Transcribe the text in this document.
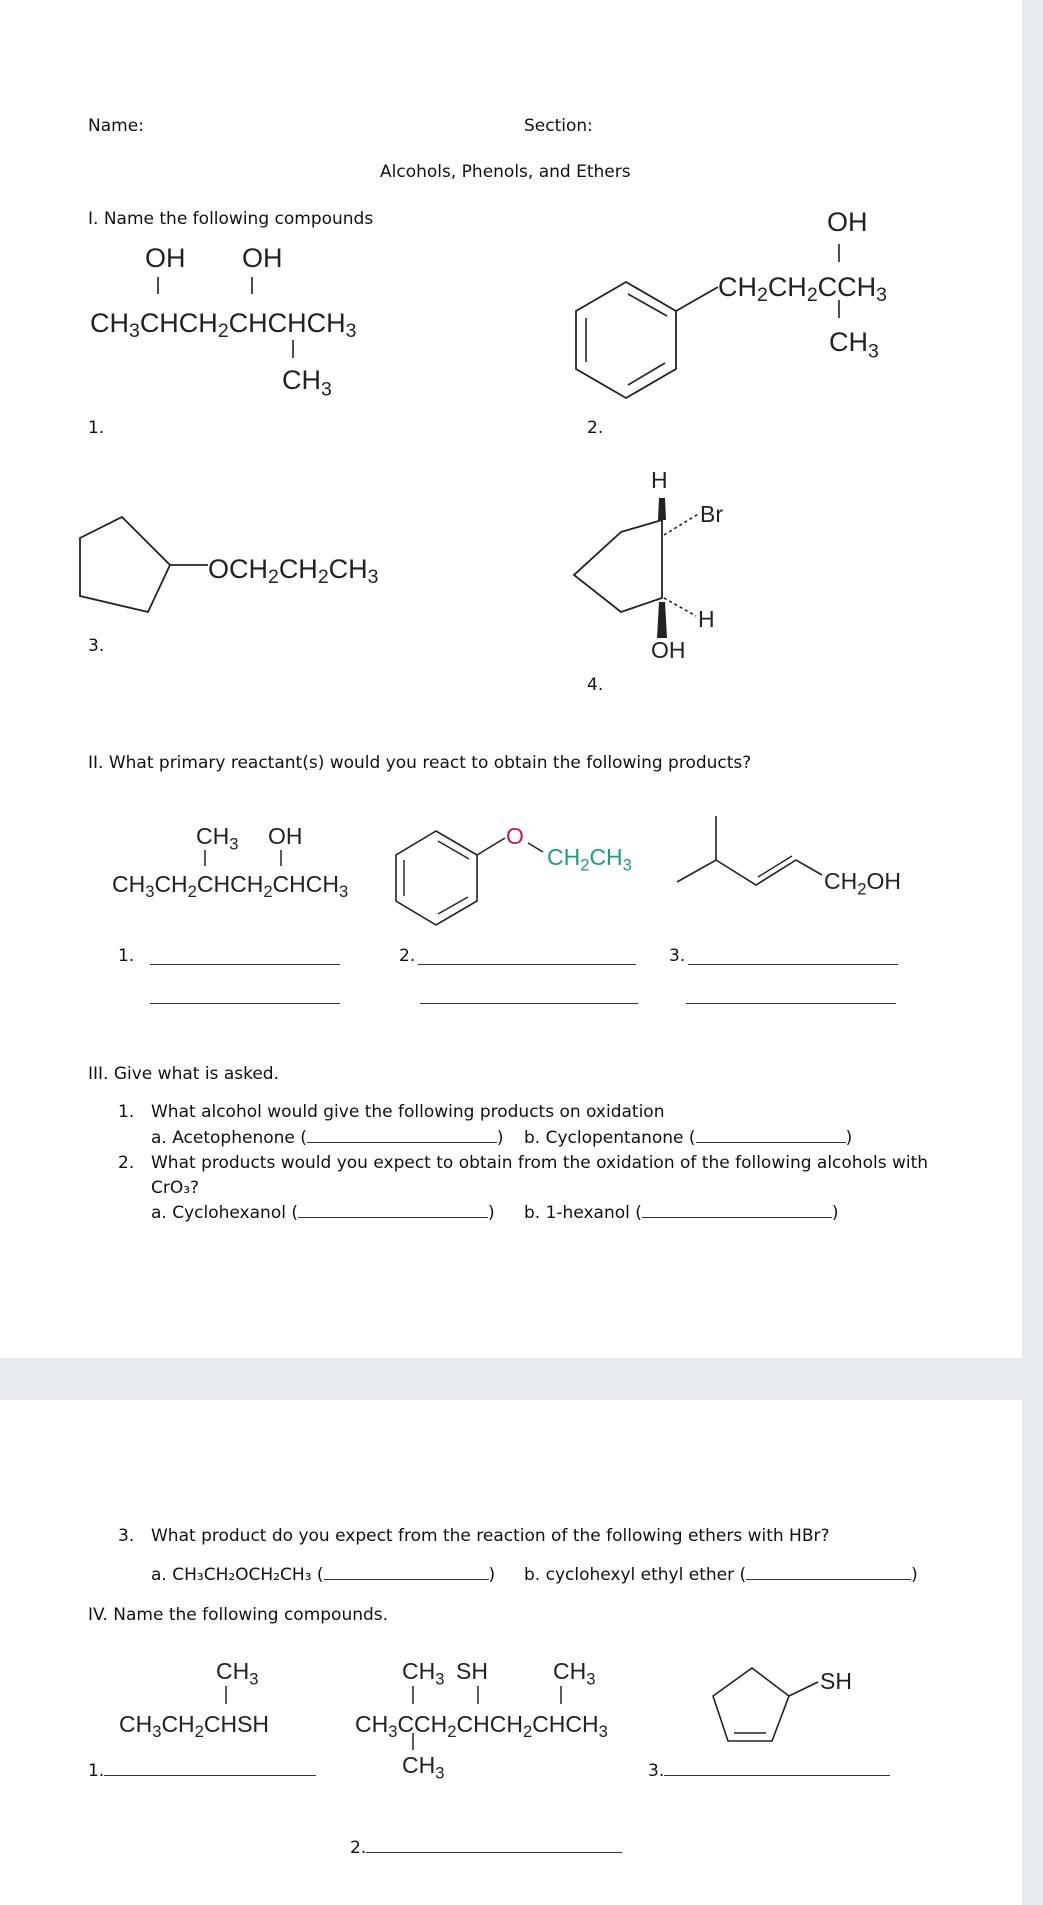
Name:	Section:
Alcohols, Phenols, and Ethers
I. Name the following compounds
OH OH
CH3CHCH2CHCHCH3
$CH_3$
1.
OH
CH2CH2CCH3
$CH_3$
2.
OCH2CH2CH3
3.
H
Br
H
OH
4.
II. What primary reactant(s) would you react to obtain the following products?
$CH_3$ OH
$CH_3CH_2CHCH_2CHCH_3$
O
$CH_2CH_3$
$CH_2OH$
1.	2.	3.
III. Give what is asked.
1. What alcohol would give the following products on oxidation
a. Acetophenone (	) b. Cyclopentanone (	)
2. What products would you expect to obtain from the oxidation of the following alcohols with
CrO₃?
a. Cyclohexanol (	) b. 1-hexanol (	)
3. What product do you expect from the reaction of the following ethers with HBr?
a. CH₃CH₂OCH₂CH₃ (	) b. cyclohexyl ethyl ether (	)
IV. Name the following compounds.
$CH_3$
$CH_3CH_2CHSH$
1.
$CH_3$ SH	$CH_3$
$CH_3CCH_2CHCH_2CHCH_3$
$CH_3$
2.
SH
3.
